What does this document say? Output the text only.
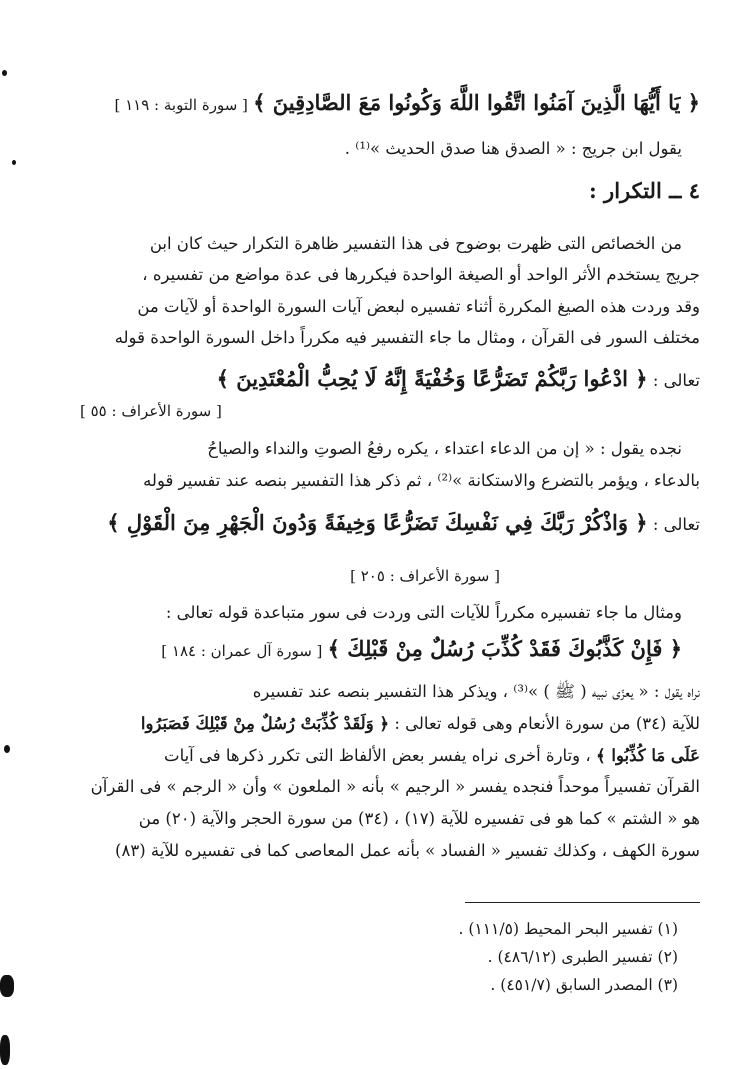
﴿ يَا أَيُّهَا الَّذِينَ آمَنُوا اتَّقُوا اللَّهَ وَكُونُوا مَعَ الصَّادِقِينَ ﴾ [ سورة التوبة : ١١٩ ]
يقول ابن جريج : « الصدق هنا صدق الحديث »⁽¹⁾ .
٤ ــ التكرار :
من الخصائص التى ظهرت بوضوح فى هذا التفسير ظاهرة التكرار حيث كان ابن
جريج يستخدم الأثر الواحد أو الصيغة الواحدة فيكررها فى عدة مواضع من تفسيره ،
وقد وردت هذه الصيغ المكررة أثناء تفسيره لبعض آيات السورة الواحدة أو لآيات من
مختلف السور فى القرآن ، ومثال ما جاء التفسير فيه مكرراً داخل السورة الواحدة قوله
تعالى : ﴿ ادْعُوا رَبَّكُمْ تَضَرُّعًا وَخُفْيَةً إِنَّهُ لَا يُحِبُّ الْمُعْتَدِينَ ﴾
[ سورة الأعراف : ٥٥ ]
نجده يقول : « إن من الدعاء اعتداء ، يكره رفعُ الصوتِ والنداء والصياحُ
بالدعاء ، ويؤمر بالتضرع والاستكانة »⁽²⁾ ، ثم ذكر هذا التفسير بنصه عند تفسير قوله
تعالى : ﴿ وَاذْكُرْ رَبَّكَ فِي نَفْسِكَ تَضَرُّعًا وَخِيفَةً وَدُونَ الْجَهْرِ مِنَ الْقَوْلِ ﴾
[ سورة الأعراف : ٢٠٥ ]
ومثال ما جاء تفسيره مكرراً للآيات التى وردت فى سور متباعدة قوله تعالى :
﴿ فَإِنْ كَذَّبُوكَ فَقَدْ كُذِّبَ رُسُلٌ مِنْ قَبْلِكَ ﴾ [ سورة آل عمران : ١٨٤ ]
نراه يقول : « يعزّى نبيه ( ﷺ ) »⁽³⁾ ، ويذكر هذا التفسير بنصه عند تفسيره
للآية (٣٤) من سورة الأنعام وهى قوله تعالى : ﴿ وَلَقَدْ كُذِّبَتْ رُسُلٌ مِنْ قَبْلِكَ فَصَبَرُوا
عَلَى مَا كُذِّبُوا ﴾ ، وتارة أخرى نراه يفسر بعض الألفاظ التى تكرر ذكرها فى آيات
القرآن تفسيراً موحداً فنجده يفسر « الرجيم » بأنه « الملعون » وأن « الرجم » فى القرآن
هو « الشتم » كما هو فى تفسيره للآية (١٧) ، (٣٤) من سورة الحجر والآية (٢٠) من
سورة الكهف ، وكذلك تفسير « الفساد » بأنه عمل المعاصى كما فى تفسيره للآية (٨٣)
(١) تفسير البحر المحيط (١١١/٥) .
(٢) تفسير الطبرى (٤٨٦/١٢) .
(٣) المصدر السابق (٤٥١/٧) .
